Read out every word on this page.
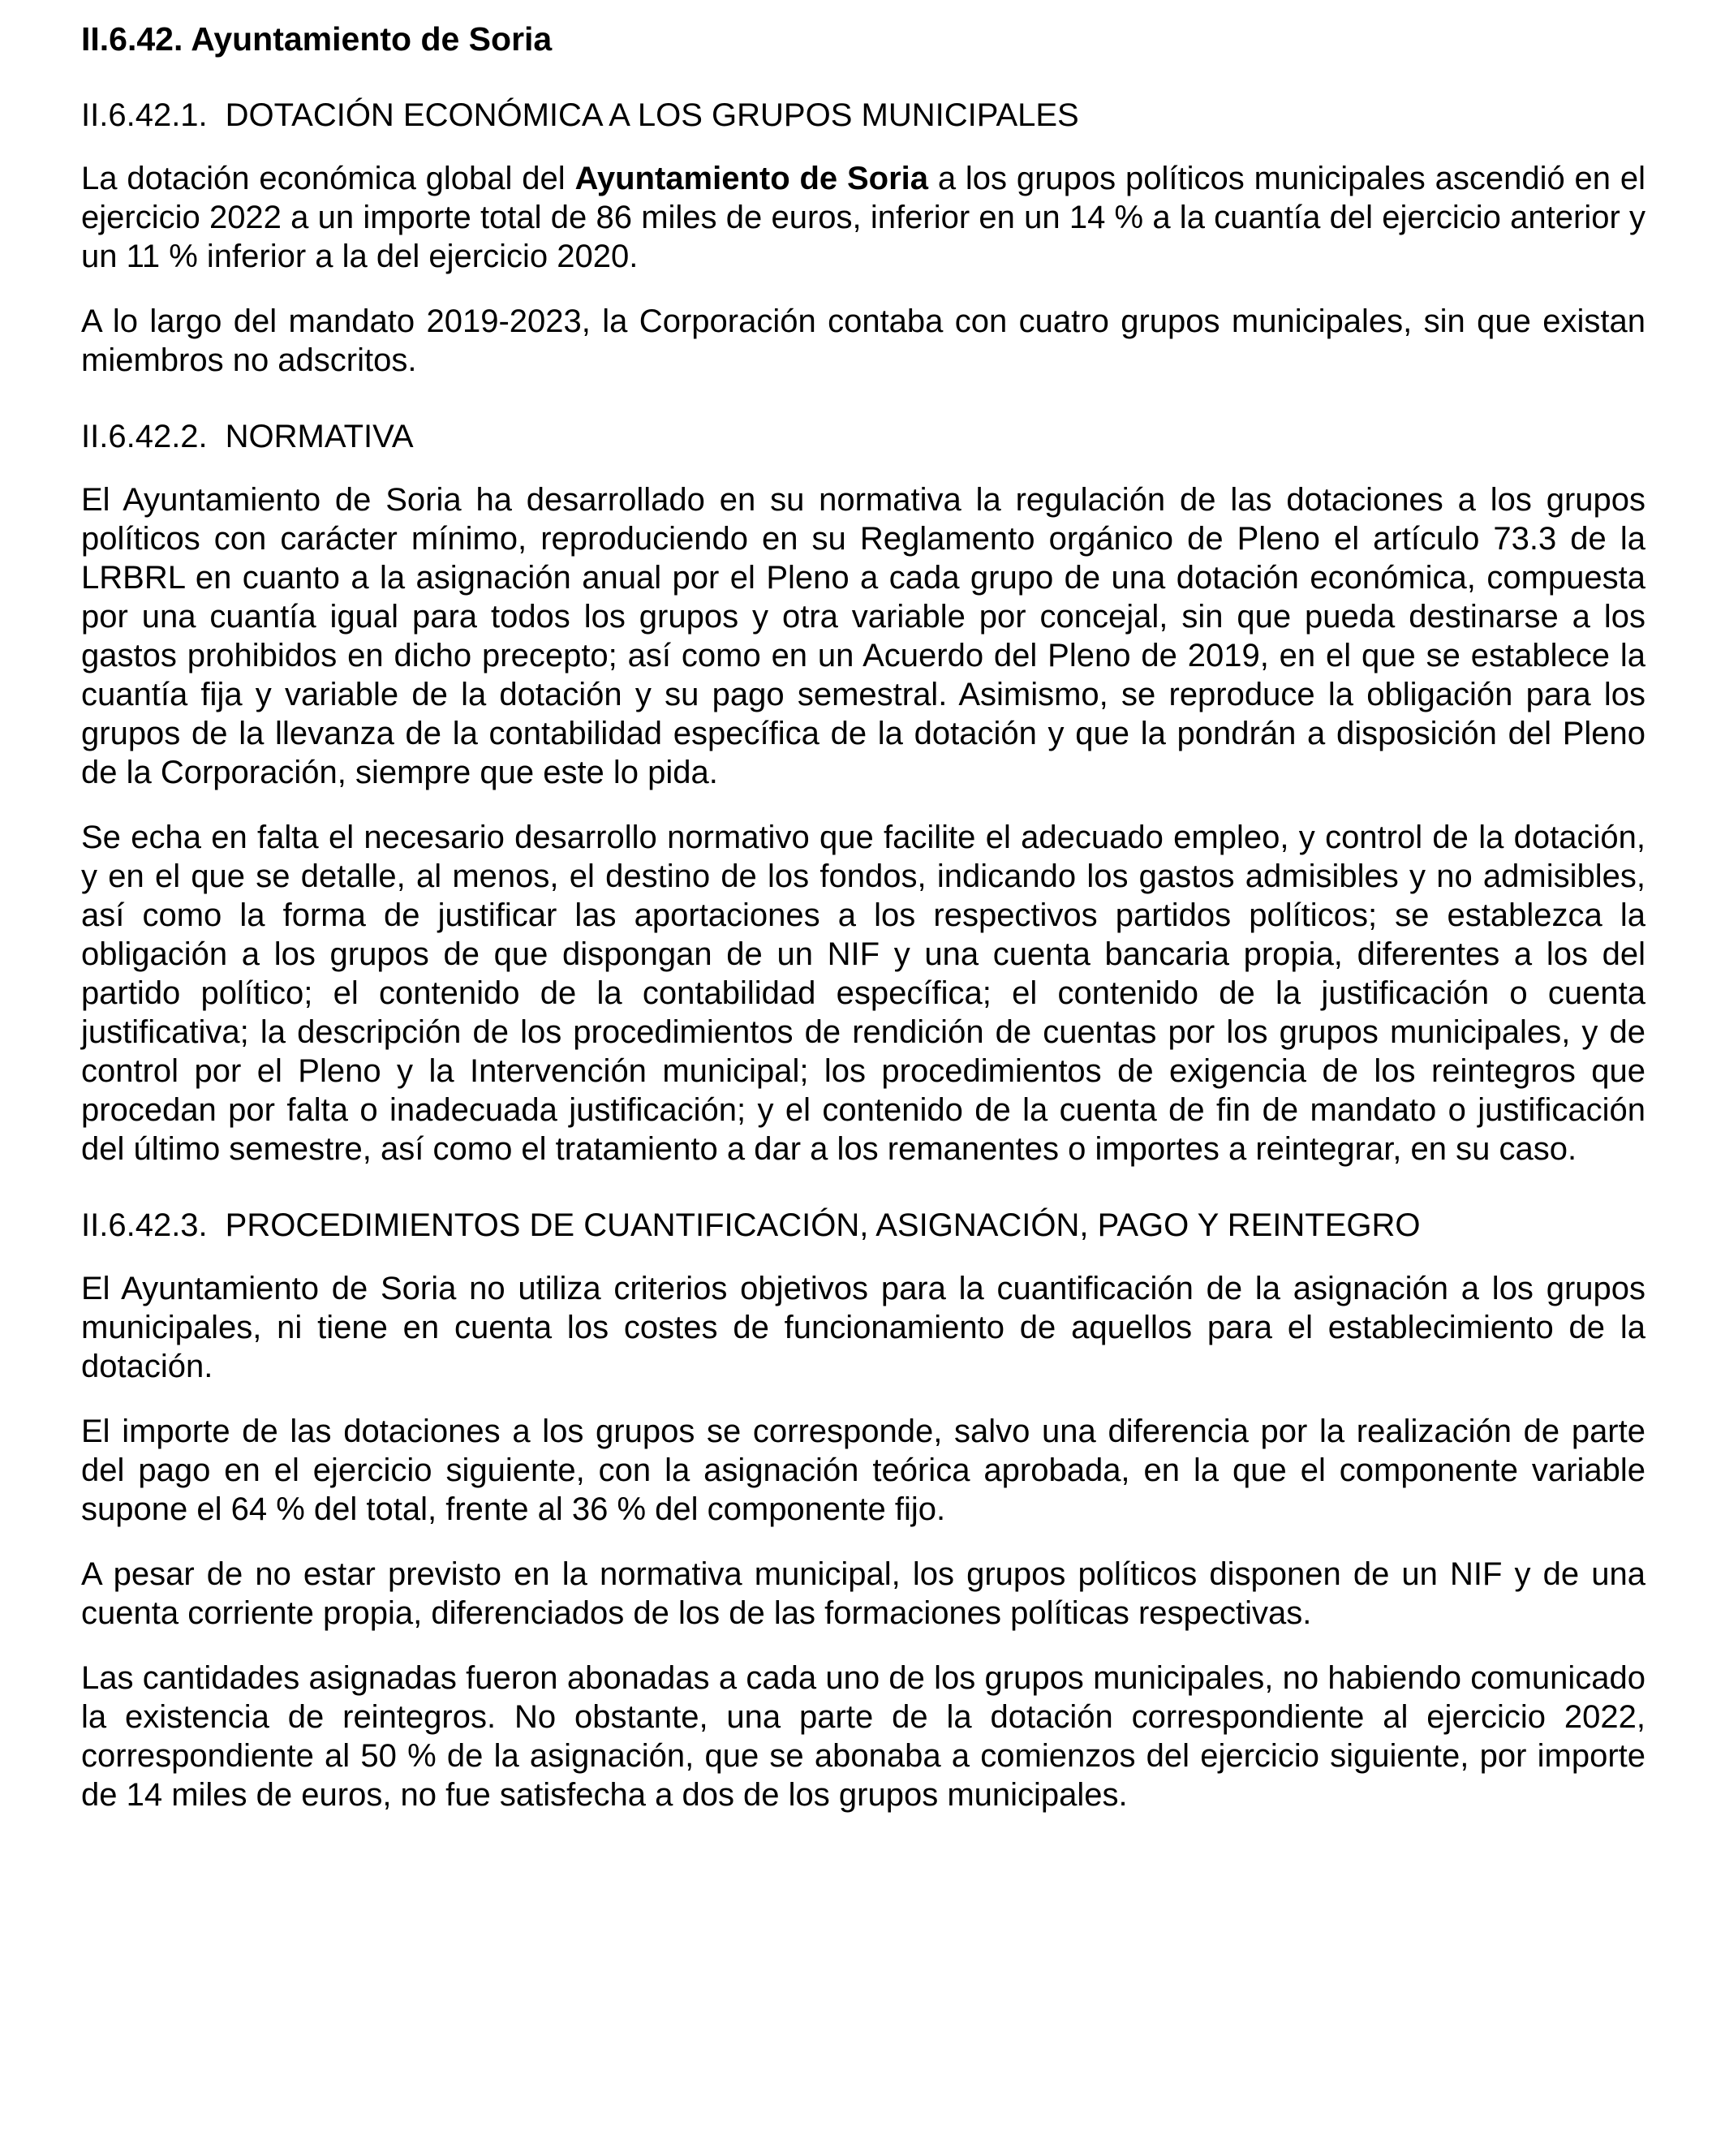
II.6.42. Ayuntamiento de Soria
II.6.42.1. DOTACIÓN ECONÓMICA A LOS GRUPOS MUNICIPALES

La dotación económica global del Ayuntamiento de Soria a los grupos políticos municipales ascendió en el ejercicio 2022 a un importe total de 86 miles de euros, inferior en un 14 % a la cuantía del ejercicio anterior y un 11 % inferior a la del ejercicio 2020.

A lo largo del mandato 2019-2023, la Corporación contaba con cuatro grupos municipales, sin que existan miembros no adscritos.

II.6.42.2. NORMATIVA

El Ayuntamiento de Soria ha desarrollado en su normativa la regulación de las dotaciones a los grupos políticos con carácter mínimo, reproduciendo en su Reglamento orgánico de Pleno el artículo 73.3 de la LRBRL en cuanto a la asignación anual por el Pleno a cada grupo de una dotación económica, compuesta por una cuantía igual para todos los grupos y otra variable por concejal, sin que pueda destinarse a los gastos prohibidos en dicho precepto; así como en un Acuerdo del Pleno de 2019, en el que se establece la cuantía fija y variable de la dotación y su pago semestral. Asimismo, se reproduce la obligación para los grupos de la llevanza de la contabilidad específica de la dotación y que la pondrán a disposición del Pleno de la Corporación, siempre que este lo pida.

Se echa en falta el necesario desarrollo normativo que facilite el adecuado empleo, y control de la dotación, y en el que se detalle, al menos, el destino de los fondos, indicando los gastos admisibles y no admisibles, así como la forma de justificar las aportaciones a los respectivos partidos políticos; se establezca la obligación a los grupos de que dispongan de un NIF y una cuenta bancaria propia, diferentes a los del partido político; el contenido de la contabilidad específica; el contenido de la justificación o cuenta justificativa; la descripción de los procedimientos de rendición de cuentas por los grupos municipales, y de control por el Pleno y la Intervención municipal; los procedimientos de exigencia de los reintegros que procedan por falta o inadecuada justificación; y el contenido de la cuenta de fin de mandato o justificación del último semestre, así como el tratamiento a dar a los remanentes o importes a reintegrar, en su caso.

II.6.42.3. PROCEDIMIENTOS DE CUANTIFICACIÓN, ASIGNACIÓN, PAGO Y REINTEGRO

El Ayuntamiento de Soria no utiliza criterios objetivos para la cuantificación de la asignación a los grupos municipales, ni tiene en cuenta los costes de funcionamiento de aquellos para el establecimiento de la dotación.

El importe de las dotaciones a los grupos se corresponde, salvo una diferencia por la realización de parte del pago en el ejercicio siguiente, con la asignación teórica aprobada, en la que el componente variable supone el 64 % del total, frente al 36 % del componente fijo.

A pesar de no estar previsto en la normativa municipal, los grupos políticos disponen de un NIF y de una cuenta corriente propia, diferenciados de los de las formaciones políticas respectivas.

Las cantidades asignadas fueron abonadas a cada uno de los grupos municipales, no habiendo comunicado la existencia de reintegros. No obstante, una parte de la dotación correspondiente al ejercicio 2022, correspondiente al 50 % de la asignación, que se abonaba a comienzos del ejercicio siguiente, por importe de 14 miles de euros, no fue satisfecha a dos de los grupos municipales.
